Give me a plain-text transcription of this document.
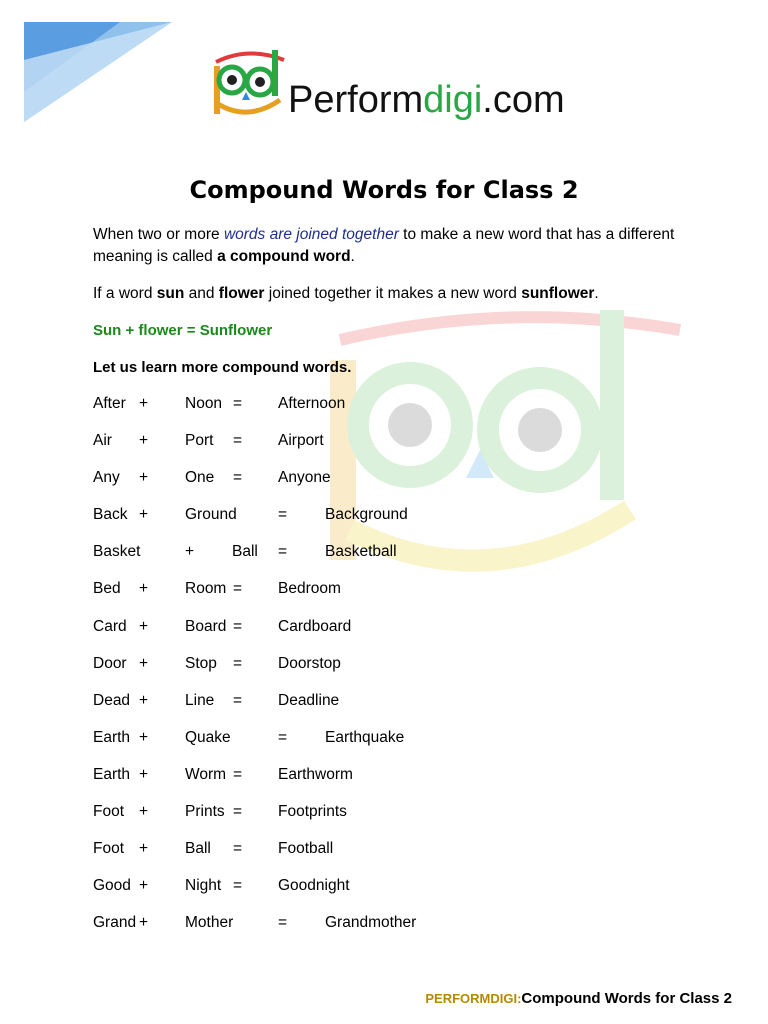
Performdigi.com
Compound Words for Class 2
When two or more words are joined together to make a new word that has a different meaning is called a compound word.
If a word sun and flower joined together it makes a new word sunflower.
Sun + flower = Sunflower
Let us learn more compound words.
After + Noon = Afternoon
Air + Port = Airport
Any + One = Anyone
Back + Ground	= Background
Basket	+ Ball = Basketball
Bed + Room = Bedroom
Card + Board = Cardboard
Door + Stop = Doorstop
Dead + Line = Deadline
Earth + Quake	= Earthquake
Earth + Worm = Earthworm
Foot + Prints = Footprints
Foot + Ball = Football
Good + Night = Goodnight
Grand + Mother	= Grandmother
PERFORMDIGI:Compound Words for Class 2
